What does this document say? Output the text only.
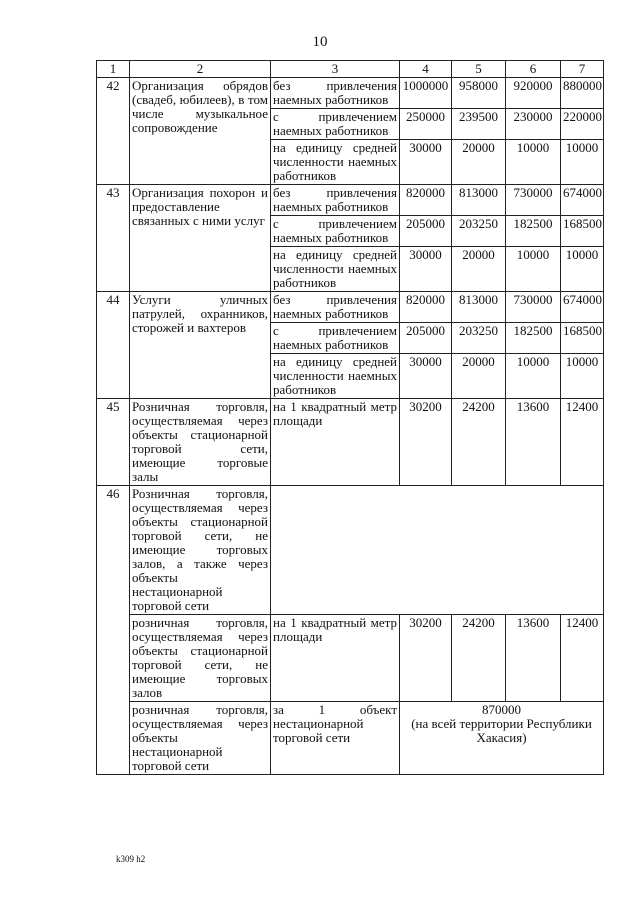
10
1	2	3	4	5	6	7
42	Организация обрядов (свадеб, юбилеев), в том числе музыкальное сопровождение	без привлечения наемных работников	1000000	958000	920000	880000
		с привлечением наемных работников	250000	239500	230000	220000
		на единицу средней численности наемных работников	30000	20000	10000	10000
43	Организация похорон и предоставление связанных с ними услуг	без привлечения наемных работников	820000	813000	730000	674000
		с привлечением наемных работников	205000	203250	182500	168500
		на единицу средней численности наемных работников	30000	20000	10000	10000
44	Услуги уличных патрулей, охранников, сторожей и вахтеров	без привлечения наемных работников	820000	813000	730000	674000
		с привлечением наемных работников	205000	203250	182500	168500
		на единицу средней численности наемных работников	30000	20000	10000	10000
45	Розничная торговля, осуществляемая через объекты стационарной торговой сети, имеющие торговые залы	на 1 квадратный метр площади	30200	24200	13600	12400
46	Розничная торговля, осуществляемая через объекты стационарной торговой сети, не имеющие торговых залов, а также через объекты нестационарной торговой сети					
	розничная торговля, осуществляемая через объекты стационарной торговой сети, не имеющие торговых залов	на 1 квадратный метр площади	30200	24200	13600	12400
	розничная торговля, осуществляемая через объекты нестационарной торговой сети	за 1 объект нестационарной торговой сети	870000
(на всей территории Республики Хакасия)			
k309 h2
